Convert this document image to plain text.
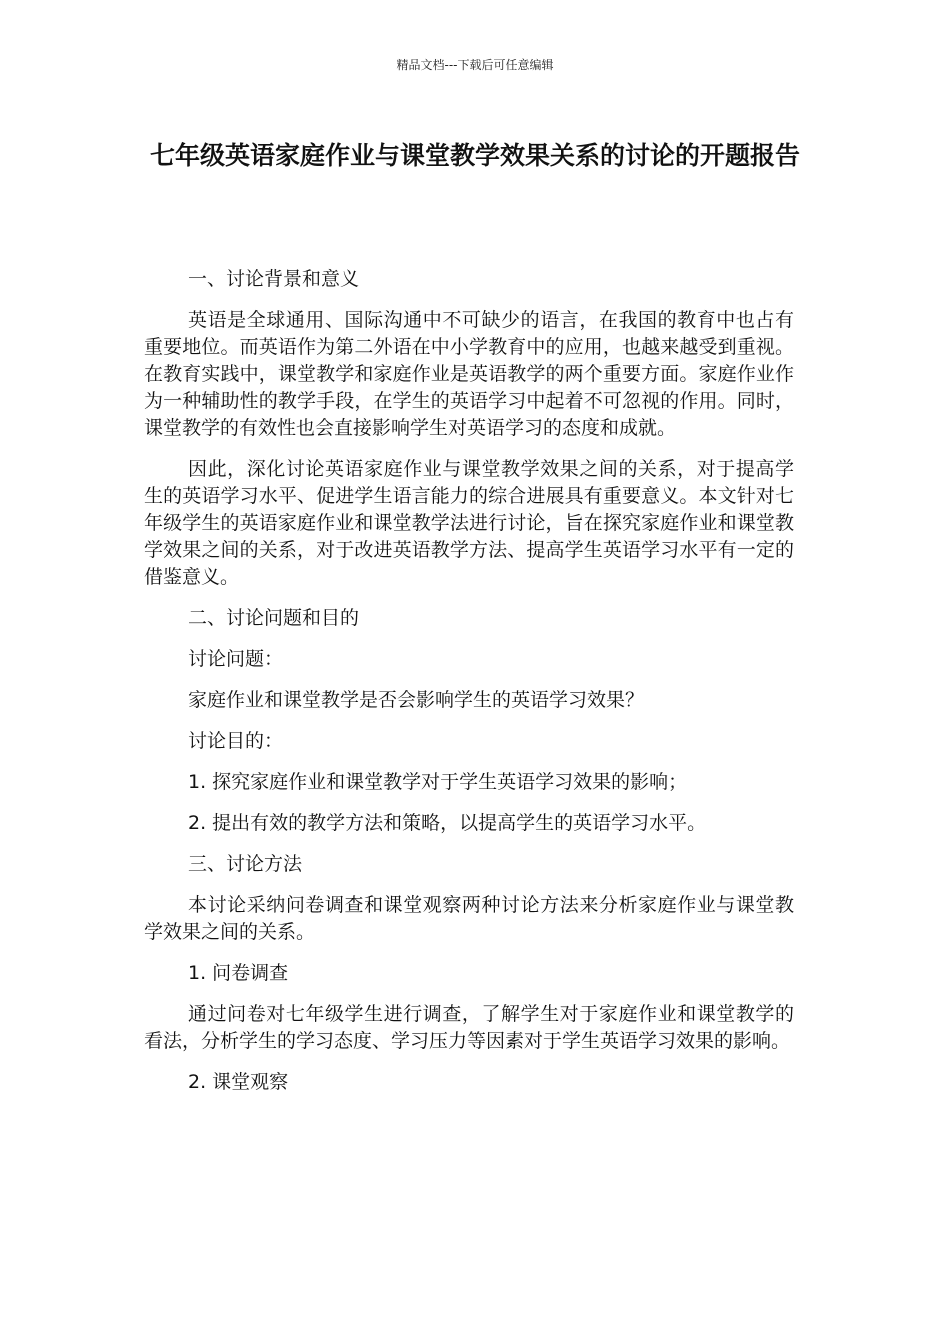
精品文档---下载后可任意编辑
七年级英语家庭作业与课堂教学效果关系的讨论的开题报告

一、讨论背景和意义

英语是全球通用、国际沟通中不可缺少的语言，在我国的教育中也占有重要地位。而英语作为第二外语在中小学教育中的应用，也越来越受到重视。在教育实践中，课堂教学和家庭作业是英语教学的两个重要方面。家庭作业作为一种辅助性的教学手段，在学生的英语学习中起着不可忽视的作用。同时，课堂教学的有效性也会直接影响学生对英语学习的态度和成就。

因此，深化讨论英语家庭作业与课堂教学效果之间的关系，对于提高学生的英语学习水平、促进学生语言能力的综合进展具有重要意义。本文针对七年级学生的英语家庭作业和课堂教学法进行讨论，旨在探究家庭作业和课堂教学效果之间的关系，对于改进英语教学方法、提高学生英语学习水平有一定的借鉴意义。

二、讨论问题和目的

讨论问题：

家庭作业和课堂教学是否会影响学生的英语学习效果？

讨论目的：

1. 探究家庭作业和课堂教学对于学生英语学习效果的影响；

2. 提出有效的教学方法和策略，以提高学生的英语学习水平。

三、讨论方法

本讨论采纳问卷调查和课堂观察两种讨论方法来分析家庭作业与课堂教学效果之间的关系。

1. 问卷调查

通过问卷对七年级学生进行调查，了解学生对于家庭作业和课堂教学的看法，分析学生的学习态度、学习压力等因素对于学生英语学习效果的影响。

2. 课堂观察
